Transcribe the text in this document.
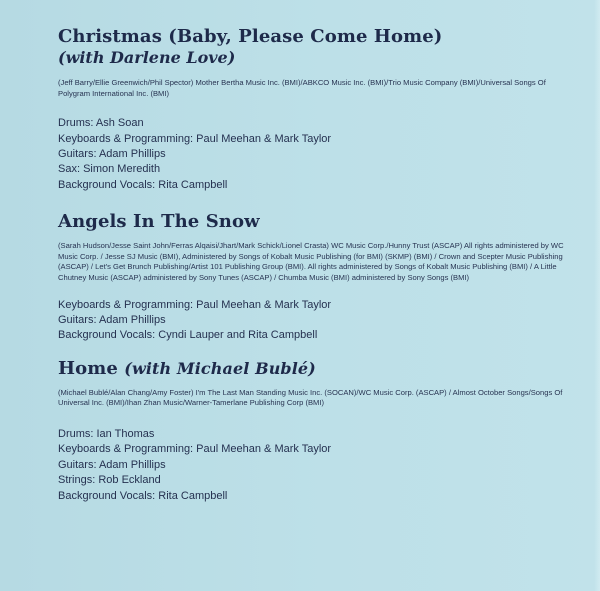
Christmas (Baby, Please Come Home)
(with Darlene Love)

(Jeff Barry/Ellie Greenwich/Phil Spector) Mother Bertha Music Inc. (BMI)/ABKCO Music Inc. (BMI)/Trio Music Company (BMI)/Universal Songs Of Polygram International Inc. (BMI)

Drums: Ash Soan
Keyboards & Programming: Paul Meehan & Mark Taylor
Guitars: Adam Phillips
Sax: Simon Meredith
Background Vocals: Rita Campbell
Angels In The Snow

(Sarah Hudson/Jesse Saint John/Ferras Alqaisi/Jhart/Mark Schick/Lionel Crasta) WC Music Corp./Hunny Trust (ASCAP) All rights administered by WC Music Corp. / Jesse SJ Music (BMI), Administered by Songs of Kobalt Music Publishing (for BMI) (SKMP) (BMI) / Crown and Scepter Music Publishing (ASCAP) / Let's Get Brunch Publishing/Artist 101 Publishing Group (BMI). All rights administered by Songs of Kobalt Music Publishing (BMI) / A Little Chutney Music (ASCAP) administered by Sony Tunes (ASCAP) / Chumba Music (BMI) administered by Sony Songs (BMI)

Keyboards & Programming: Paul Meehan & Mark Taylor
Guitars: Adam Phillips
Background Vocals: Cyndi Lauper and Rita Campbell
Home (with Michael Bublé)

(Michael Bublé/Alan Chang/Amy Foster) I'm The Last Man Standing Music Inc. (SOCAN)/WC Music Corp. (ASCAP) / Almost October Songs/Songs Of Universal Inc. (BMI)/Ihan Zhan Music/Warner-Tamerlane Publishing Corp (BMI)

Drums: Ian Thomas
Keyboards & Programming: Paul Meehan & Mark Taylor
Guitars: Adam Phillips
Strings: Rob Eckland
Background Vocals: Rita Campbell
